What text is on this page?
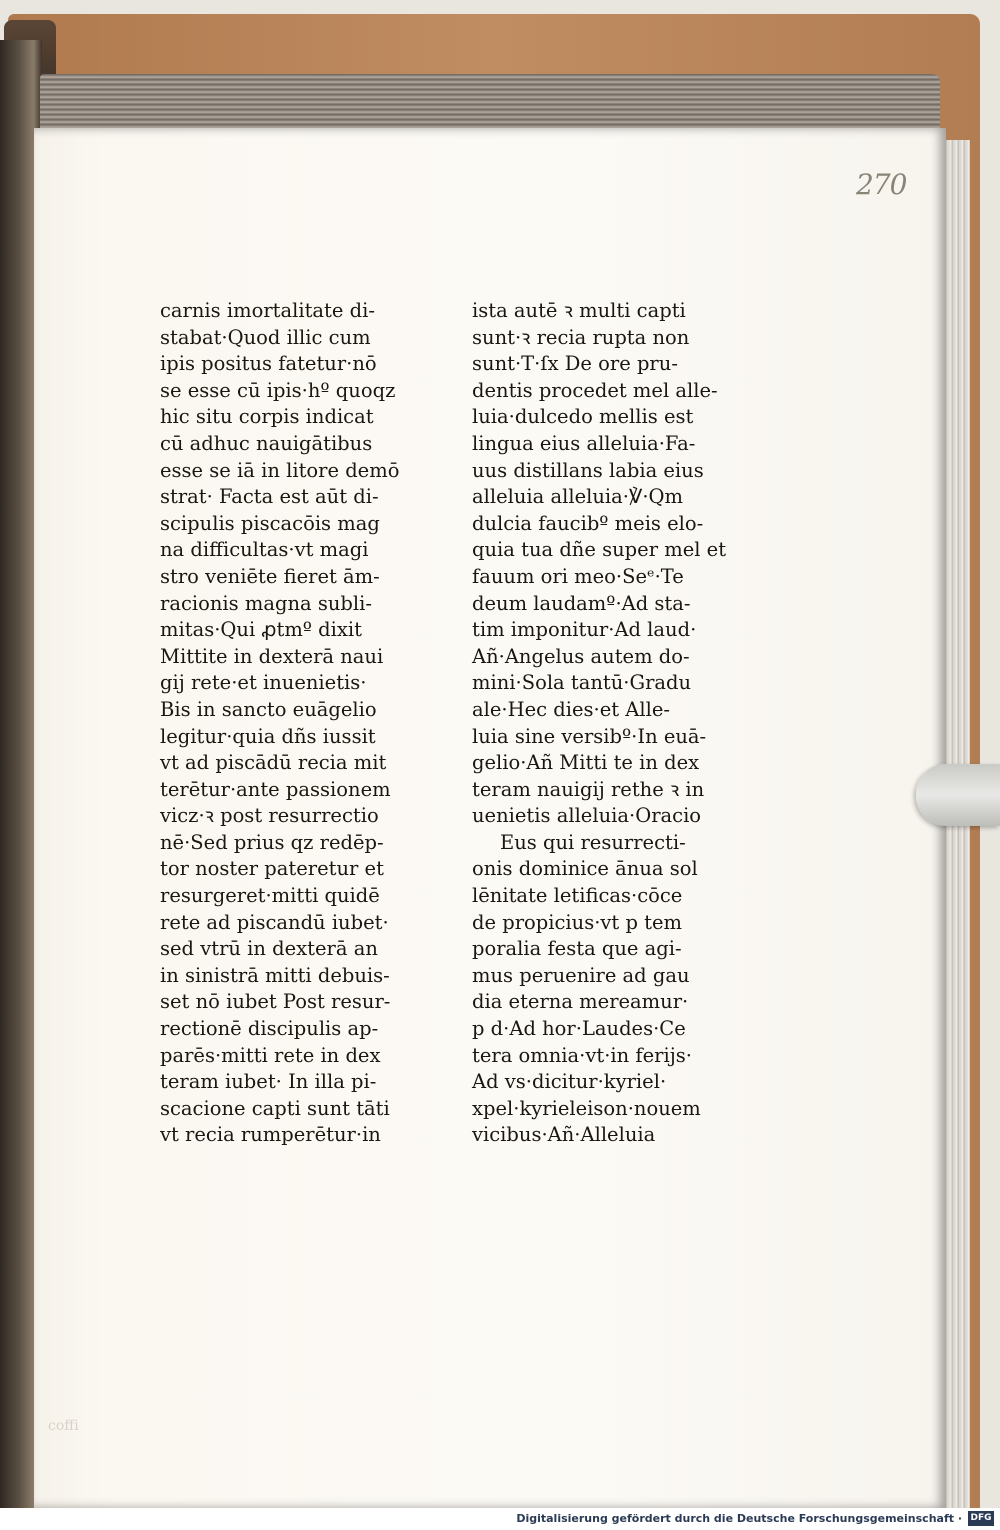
270
carnis imortalitate di-
stabat·Quod illic cum
ipis positus fatetur·nō
se esse cū ipis·hº quoqz
hic situ corpis indicat
cū adhuc nauigātibus
esse se iā in litore demō
strat· Facta est aūt di-
scipulis piscacōis mag
na difficultas·vt magi
stro veniēte fieret ām-
racionis magna subli-
mitas·Qui ꝓtmº dixit
Mittite in dexterā naui
gij rete·et inuenietis·
Bis in sancto euāgelio
legitur·quia dñs iussit
vt ad piscādū recia mit
terētur·ante passionem
vicz·ꝛ post resurrectio
nē·Sed prius qz redēp-
tor noster pateretur et
resurgeret·mitti quidē
rete ad piscandū iubet·
sed vtrū in dexterā an
in sinistrā mitti debuis-
set nō iubet Post resur-
rectionē discipulis ap-
parēs·mitti rete in dex
teram iubet· In illa pi-
scacione capti sunt tāti
vt recia rumperētur·in
ista autē ꝛ multi capti
sunt·ꝛ recia rupta non
sunt·T·ſx De ore pru-
dentis procedet mel alle-
luia·dulcedo mellis est
lingua eius alleluia·Fa-
uus distillans labia eius
alleluia alleluia·℣·Qm
dulcia faucibº meis elo-
quia tua dñe super mel et
fauum ori meo·Seᵉ·Te
deum laudamº·Ad sta-
tim imponitur·Ad laud·
Añ·Angelus autem do-
mini·Sola tantū·Gradu
ale·Hec dies·et Alle-
luia sine versibº·In euā-
gelio·Añ Mitti te in dex
teram nauigij rethe ꝛ in
uenietis alleluia·Oracio
Eus qui resurrecti-
onis dominice ānua sol
lēnitate letificas·cōce
de propicius·vt p tem
poralia festa que agi-
mus peruenire ad gau
dia eterna mereamur·
p d·Ad hor·Laudes·Ce
tera omnia·vt·in ferijs·
Ad vs·dicitur·kyriel·
xpel·kyrieleison·nouem
vicibus·Añ·Alleluia
coffi
Digitalisierung gefördert durch die Deutsche Forschungsgemeinschaft · DFG
